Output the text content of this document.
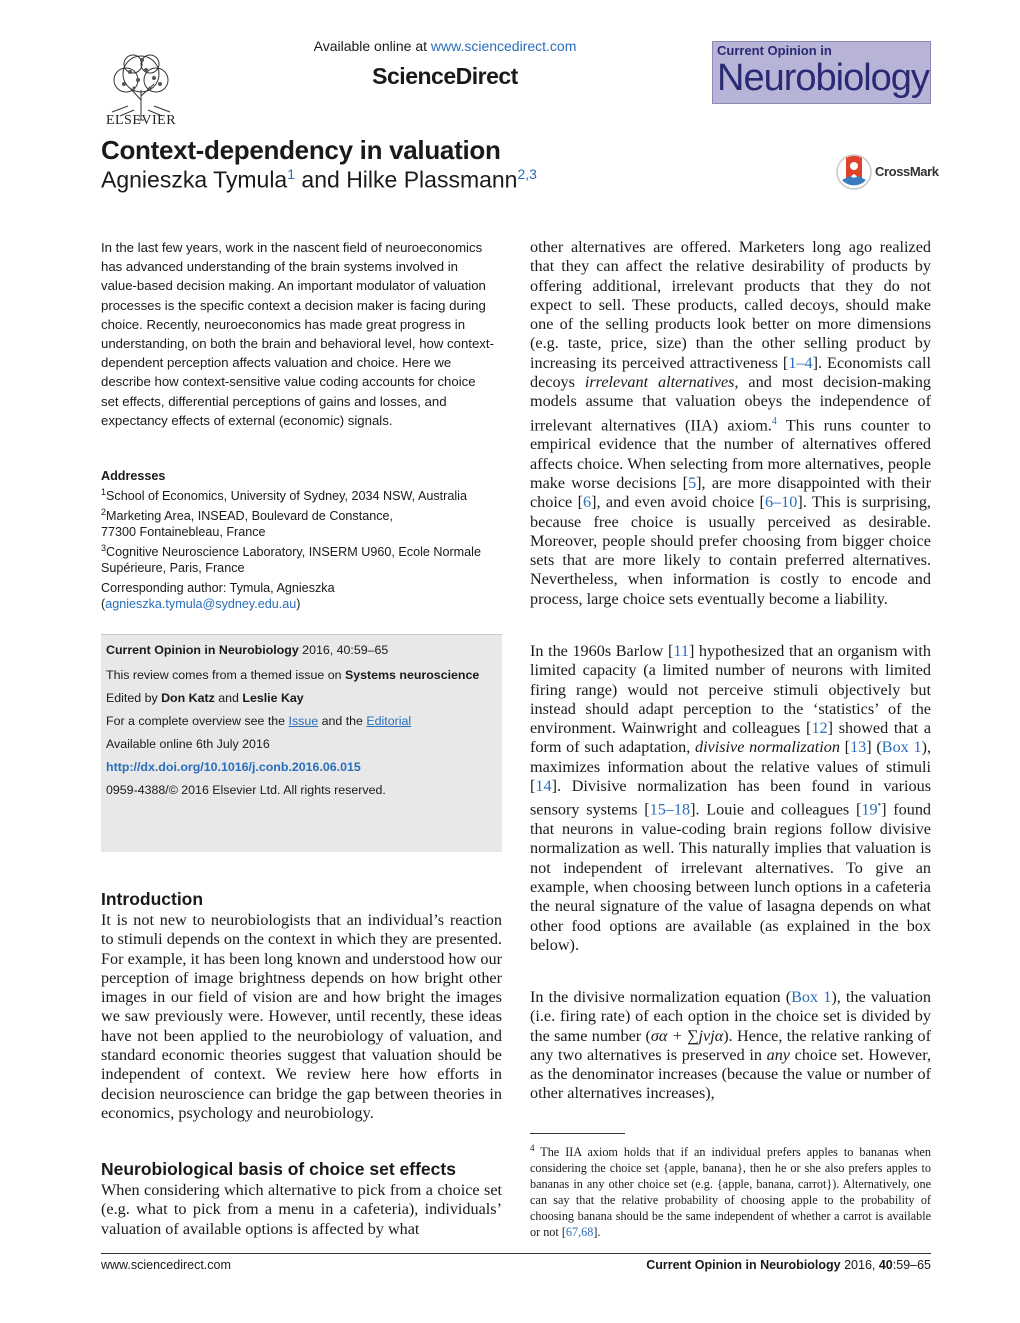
ELSEVIER
Available online at www.sciencedirect.com
ScienceDirect
Current Opinion in
Neurobiology
Context-dependency in valuation
Agnieszka Tymula$^1$ and Hilke Plassmann$^{2,3}$	CrossMark
In the last few years, work in the nascent field of neuroeconomics has advanced understanding of the brain systems involved in value-based decision making. An important modulator of valuation processes is the specific context a decision maker is facing during choice. Recently, neuroeconomics has made great progress in understanding, on both the brain and behavioral level, how context-dependent perception affects valuation and choice. Here we describe how context-sensitive value coding accounts for choice set effects, differential perceptions of gains and losses, and expectancy effects of external (economic) signals.
Addresses
$^1$School of Economics, University of Sydney, 2034 NSW, Australia
$^2$Marketing Area, INSEAD, Boulevard de Constance,
77300 Fontainebleau, France
$^3$Cognitive Neuroscience Laboratory, INSERM U960, Ecole Normale
Supérieure, Paris, France
Corresponding author: Tymula, Agnieszka
(agnieszka.tymula@sydney.edu.au)
Current Opinion in Neurobiology 2016, 40:59–65
This review comes from a themed issue on Systems neuroscience
Edited by Don Katz and Leslie Kay
For a complete overview see the Issue and the Editorial
Available online 6th July 2016
http://dx.doi.org/10.1016/j.conb.2016.06.015
0959-4388/© 2016 Elsevier Ltd. All rights reserved.
Introduction
It is not new to neurobiologists that an individual’s reaction to stimuli depends on the context in which they are presented. For example, it has been long known and understood how our perception of image brightness depends on how bright other images in our field of vision are and how bright the images we saw previously were. However, until recently, these ideas have not been applied to the neurobiology of valuation, and standard economic theories suggest that valuation should be independent of context. We review here how efforts in decision neuroscience can bridge the gap between theories in economics, psychology and neurobiology.
Neurobiological basis of choice set effects
When considering which alternative to pick from a choice set (e.g. what to pick from a menu in a cafeteria), individuals’ valuation of available options is affected by what
other alternatives are offered. Marketers long ago realized that they can affect the relative desirability of products by offering additional, irrelevant products that they do not expect to sell. These products, called decoys, should make one of the selling products look better on more dimensions (e.g. taste, price, size) than the other selling product by increasing its perceived attractiveness [1–4]. Economists call decoys irrelevant alternatives, and most decision-making models assume that valuation obeys the independence of irrelevant alternatives (IIA) axiom.$^4$ This runs counter to empirical evidence that the number of alternatives offered affects choice. When selecting from more alternatives, people make worse decisions [5], are more disappointed with their choice [6], and even avoid choice [6–10]. This is surprising, because free choice is usually perceived as desirable. Moreover, people should prefer choosing from bigger choice sets that are more likely to contain preferred alternatives. Nevertheless, when information is costly to encode and process, large choice sets eventually become a liability.
In the 1960s Barlow [11] hypothesized that an organism with limited capacity (a limited number of neurons with limited firing range) would not perceive stimuli objectively but instead should adapt perception to the ‘statistics’ of the environment. Wainwright and colleagues [12] showed that a form of such adaptation, divisive normalization [13] (Box 1), maximizes information about the relative values of stimuli [14]. Divisive normalization has been found in various sensory systems [15–18]. Louie and colleagues [19•] found that neurons in value-coding brain regions follow divisive normalization as well. This naturally implies that valuation is not independent of irrelevant alternatives. To give an example, when choosing between lunch options in a cafeteria the neural signature of the value of lasagna depends on what other food options are available (as explained in the box below).
In the divisive normalization equation (Box 1), the valuation (i.e. firing rate) of each option in the choice set is divided by the same number (σα + ∑jvjα). Hence, the relative ranking of any two alternatives is preserved in any choice set. However, as the denominator increases (because the value or number of other alternatives increases),
$^4$ The IIA axiom holds that if an individual prefers apples to bananas when considering the choice set {apple, banana}, then he or she also prefers apples to bananas in any other choice set (e.g. {apple, banana, carrot}). Alternatively, one can say that the relative probability of choosing apple to the probability of choosing banana should be the same independent of whether a carrot is available or not [67,68].
www.sciencedirect.com	Current Opinion in Neurobiology 2016, 40:59–65
